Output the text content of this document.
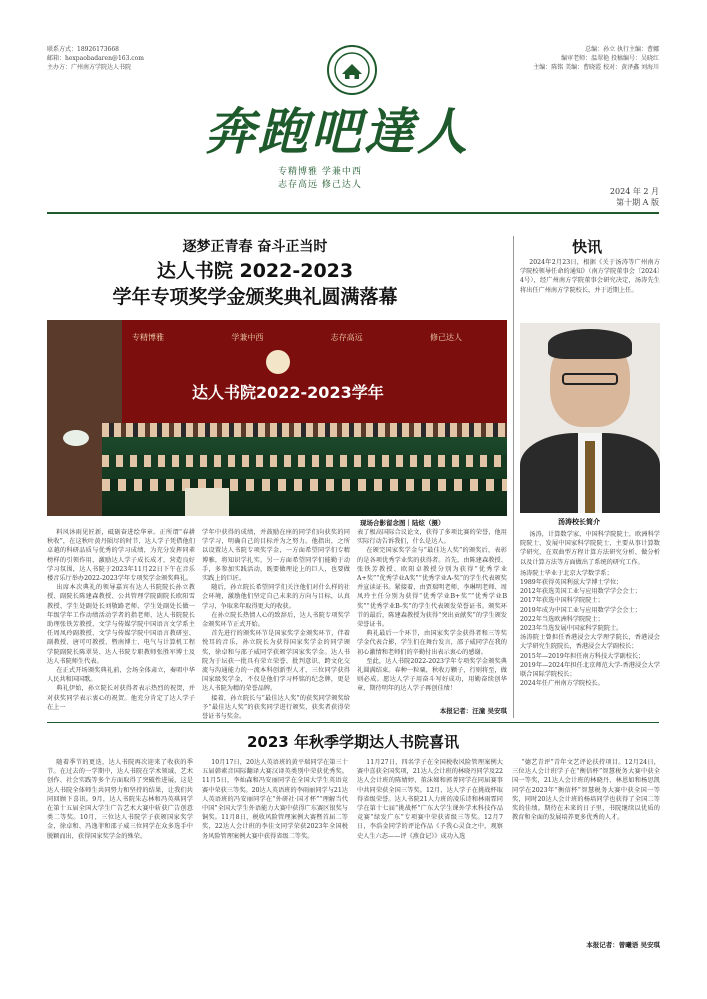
联系方式：18926173668
邮箱：hexpaobadaren@163.com
主办方：广州南方学院达人书院
总编：孙立 执行主编：曹娜
编审老师：温翠艳 投稿编号：吴晓红
主编：陈铭 美编：曹晓霞 校对：黄泽鑫 刘海川
奔跑吧達人
专精博雅 学兼中西
志存高远 修己达人
2024 年 2 月
第十期 A 版
逐梦正青春 奋斗正当时
达人书院 2022-2023
学年专项奖学金颁奖典礼圆满落幕
专精博雅	学兼中西	志存高远	修己达人
达人书院2022-2023学年
现场合影留念图｜陆炫（摄）

料风沐雨见匠新，砥砺奋进绘华章。正所谓“春耕秋收”，在这秋叶黄丹陨尽的时节，达人学子凭借他们卓越的科研品质与优秀的学习成绩，为充分发挥同辈榜样的引领作用，激励达人学子成长成才，营造良好学习氛围，达人书院于2023年11月22日下午在音乐楼音乐厅举办2022-2023学年专项奖学金颁奖典礼。

出席本次典礼的领导嘉宾有达人书院院长孙立教授、副院长陈建森教授、公共管理学院副院长欧阳雪教授、学生处副处长刘敬路老师、学生处副处长做一年级学年工作动绩活动学者的指老师、达人书院院长助理张铁芳教授、文学与传媒学院中国语言文学系主任周凤玲副教授、文学与传媒学院中国语言教研室、副教授、唐可可教授、暨南博士、电气与计算机工程学院副院长陈翠昊、达人书院专职教师张胜军博士及达人书院师生代表。

在正式开场颁奖典礼前，会场全体肃立，奏唱中华人民共和国国歌。

典礼伊始，孙立院长对获得者表示热烈的祝贺，并对获奖同学表示衷心的祝贺。他充分肯定了达人学子在上一

学年中获得的成绩，并鼓励在座的同学们向获奖的同学学习，明确自己的目标并为之努力。他指出，之所以设置达人书院专项奖学金，一方面希望同学们专精博雅，将知识学扎实，另一方面希望同学们能勤于动手，多参加实践活动，既要做理论上的巨人，也要做实践上的巨匠。

随后，孙立院长希望同学们关注他们对什么样的社会环境，激励他们坚定自己未来的方向与目标，认真学习，争取来年取得更大的收获。

在孙立院长热情人心的致辞后，达人书院专项奖学金颁奖环节正式开始。

首先进行的颁奖环节是国家奖学金颁奖环节，伴着悦耳的音乐，孙立院长为获得国家奖学金的同学颁奖，徐卓和与邵子威同学获颁学国家奖学金。达人书院为于坛获一批具有荣立荣誉、批判意识、跨文化交流与沟通能力的一流本科创新型人才，三位同学获得国家级奖学金，不仅是他们学习杯铭的纪念牌，更是达人书院为精的荣誉品牌。

接着，孙立院长与“最佳达人奖”的获奖同学颁奖给予“最佳达人奖”的获奖同学进行颁奖，获奖者获得荣誉证书与奖金。

表了极高国际合议论文，获得了多项比赛的荣誉，他用实际行动告诉我们，什么是达人。

在颁完国家奖学金与“最佳达人奖”的颁奖后，表彰的是各项优秀学业奖的获得者。首先，由陈建森教授、张铁芳教授、欧阳卓教授分别为获得“优秀学业A+奖”“优秀学业A奖”“优秀学业A-奖”的学生代表颁奖并宣读证书。紧接着，由贾瑞明老师、李琳明老师、周凤玲主任分别为获得“优秀学业B+奖”“优秀学业B奖”“优秀学业B-奖”的学生代表颁发荣誉证书。颁奖环节的最后，陈建森教授为获得“突出贡献奖”的学生颁发荣誉证书。

典礼最后一个环节，由国家奖学金获得者和三等奖学金代表合影，学生们在舞台发言，邵子威同学在我的初心激情和老师们的辛勤付出表示衷心的感谢。

至此，达人书院2022-2023学年专项奖学金颁奖典礼圆满结束。春种一粒粟，秋收万颗子，行则将至，做则必成。愿达人学子用奋斗写好成功，用勤奋续创华章，期待明年的达人学子再创佳绩！

本报记者：汪潼 吴安琪
快讯

2024年2月23日，根据《关于汤涛等广州南方学院校领导任命的通知》（南方学院董事会〔2024〕4号），经广州南方学院董事会研究决定，汤涛先生将出任广州南方学院校长，并于近期上任。

汤涛校长简介

汤涛，计算数学家，中国科学院院士，欧洲科学院院士，发展中国家科学院院士，主要从事计算数学研究，在双曲型方程计算方法研究分析、做分析以及计算方法等方面做出了系统的研究工作。

汤涛院士毕业于北京大学数学系；

1989年获得英国利兹大学博士学位；

2012年获选美国工业与应用数学学会会士；

2017年获选中国科学院院士；

2019年成为中国工业与应用数学学会会士；

2022年当选欧洲科学院院士；

2023年当选发展中国家科学院院士。

汤涛院士曾担任香港浸会大学理学院长，香港浸会大学研究生院院长，香港浸会大学副校长；

2015年—2019年担任南方科技大学副校长；

2019年—2024年担任北京师范大学-香港浸会大学联合国际学院校长；

2024年任广州南方学院校长。

2023 年秋季学期达人书院喜讯

随着季节的更迭，达人书院再次迎来了收获的季节。在过去的一学期中，达人书院在学术领域、艺术创作、社会实践等多个方面取得了突破性进展，这是达人书院全体师生共同努力和坚持的结果，让我们共同回顾下喜讯。9月，达人书院朱志林和冯英琪同学在第十五届全国大学生广告艺术大赛中斩获广告创意类二等奖。10月，三位达人书院学子获颁国家奖学金，徐卓和、冯逸菲和邵子威三位同学在众多选手中脱颖而出，获得国家奖学金的殊荣。

10月17日，20达人英语班的黄平瑞同学在第三十五届韩素音国际翻译大赛汉译英类别中荣获优秀奖。11月5日，李灿森和冯安丽同学在全国大学生英语竞赛中荣获三等奖。20达人英语班的李雨丽同学与21达人英语班的冯安丽同学在“外研社·国才杯”“理解当代中国”全国大学生外语能力大赛中获得广东赛区银奖与铜奖。11月8日，税收风险管理案例大赛暨首届二等奖，22达人会计班的李佳文同学荣获2023年全国税务风险管理案例大赛中获得省级二等奖。

11月27日，四名学子在全国税收风险管理案例大赛中喜获全国奖项，21达人会计班的林晓丹同学及22达人会计班的陈婧婷、董沫娣和郭菁同学在同届赛事中共同荣获全国三等奖。12月，达人学子在挑战杯取得省级荣誉。达人书院21人力班的凌乐诗和林雨霏同学在第十七届“挑战杯”广东大学生课外学术科技作品竞赛“绿发广东”专项赛中荣获省级三等奖。12月7日，李浩金同学的评论作品《予我心灵食之中，观察史人生六态——评《燕食记》》成功入选

“德艺青评”青年文艺评论扶持项目。12月24日，三位达人会计班学子在“衡信杯”智慧税务大赛中获全国一等奖，21达人会计班的林晓丹、林恩如和杨思凯同学在2023年“衡信杯”智慧税务大赛中获全国一等奖，同时20达人会计班的杨培同学也获得了全国二等奖的佳绩。期待在未来的日子里，书院继续以优质的教育和全面的发展培养更多优秀的人才。

本报记者：曾曦语 吴安琪
